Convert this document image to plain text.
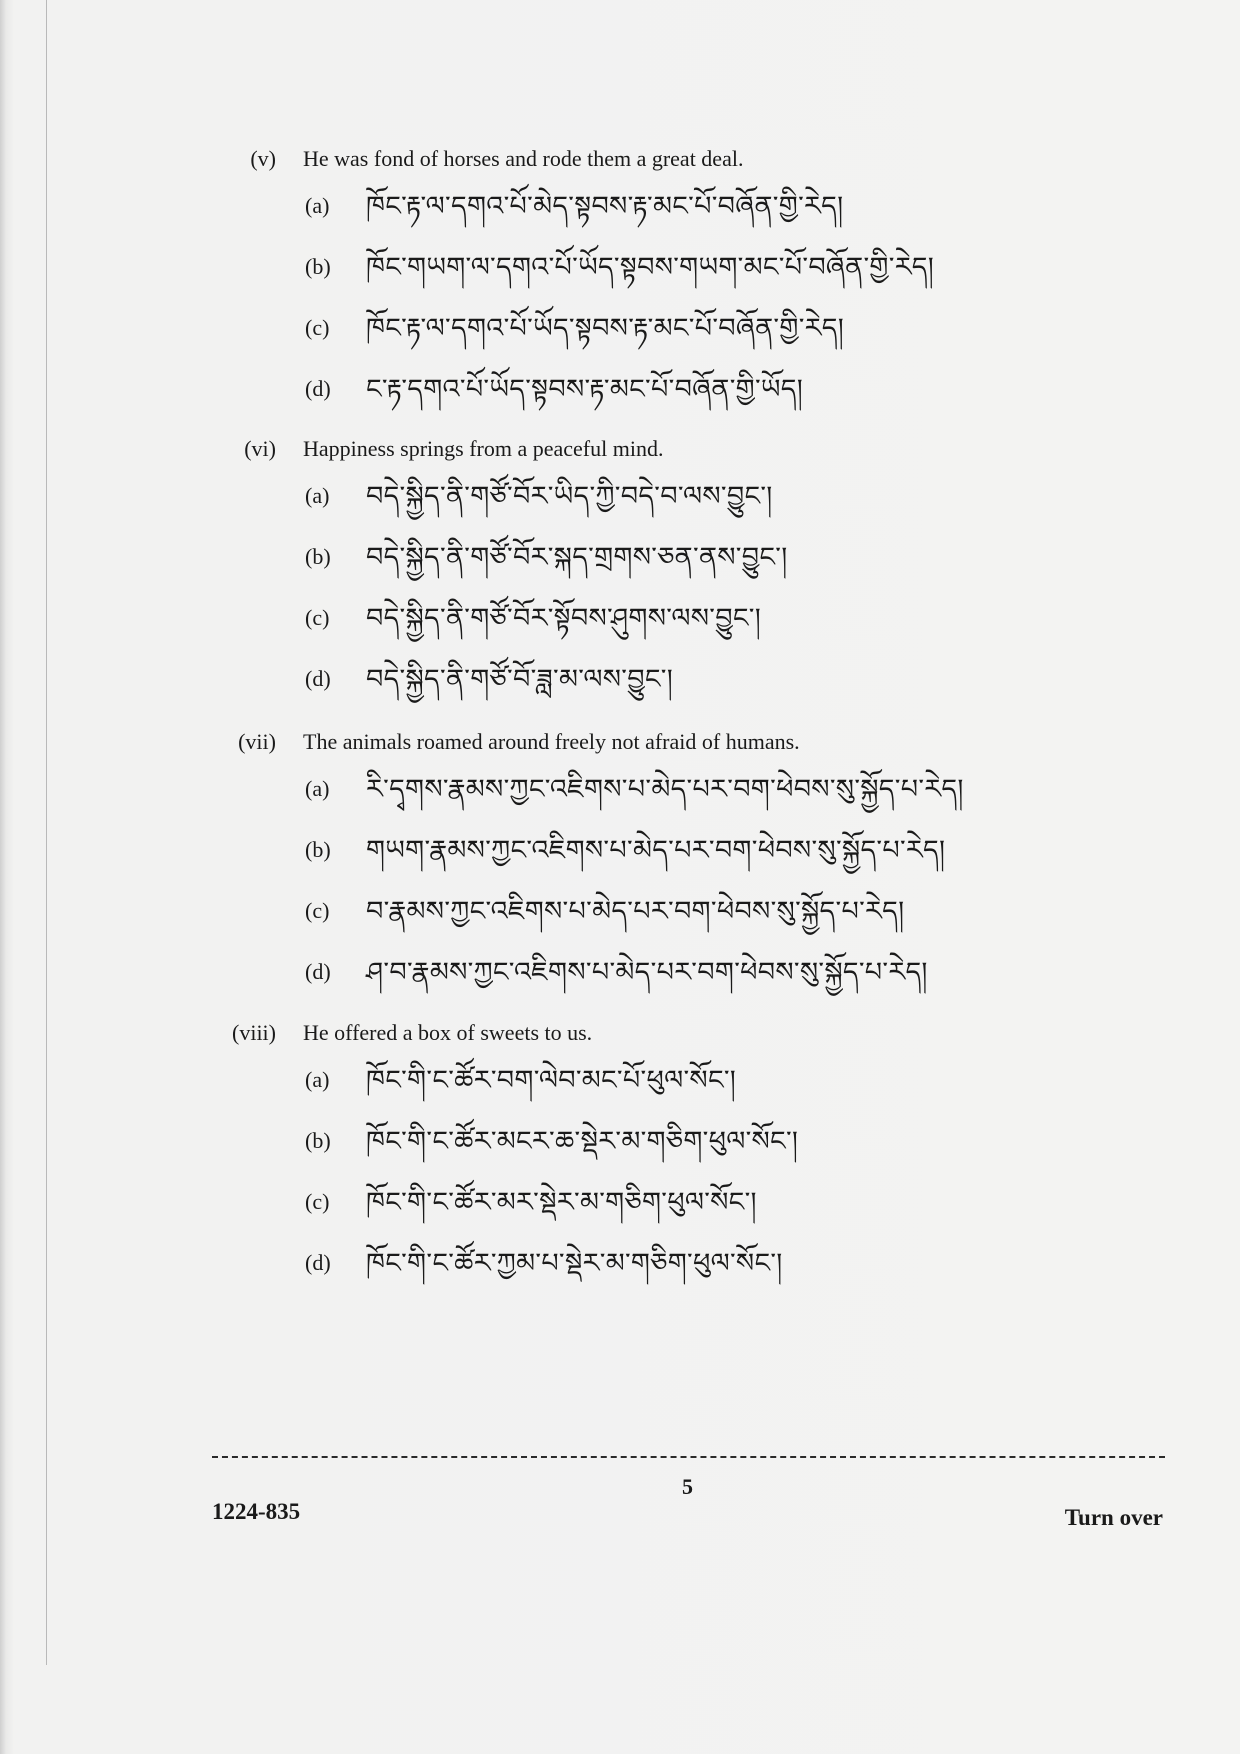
(v) He was fond of horses and rode them a great deal.
(a) ཁོང་རྟ་ལ་དགའ་པོ་མེད་སྟབས་རྟ་མང་པོ་བཞོན་གྱི་རེད།
(b) ཁོང་གཡག་ལ་དགའ་པོ་ཡོད་སྟབས་གཡག་མང་པོ་བཞོན་གྱི་རེད།
(c) ཁོང་རྟ་ལ་དགའ་པོ་ཡོད་སྟབས་རྟ་མང་པོ་བཞོན་གྱི་རེད།
(d) ང་རྟ་དགའ་པོ་ཡོད་སྟབས་རྟ་མང་པོ་བཞོན་གྱི་ཡོད།
(vi) Happiness springs from a peaceful mind.
(a) བདེ་སྐྱིད་ནི་གཙོ་བོར་ཡིད་ཀྱི་བདེ་བ་ལས་བྱུང་།
(b) བདེ་སྐྱིད་ནི་གཙོ་བོར་སྐད་གྲགས་ཅན་ནས་བྱུང་།
(c) བདེ་སྐྱིད་ནི་གཙོ་བོར་སྟོབས་ཤུགས་ལས་བྱུང་།
(d) བདེ་སྐྱིད་ནི་གཙོ་བོ་ཟླ་མ་ལས་བྱུང་།
(vii) The animals roamed around freely not afraid of humans.
(a) རི་དྭགས་རྣམས་ཀྱང་འཇིགས་པ་མེད་པར་བག་ཕེབས་སུ་སྐྱོད་པ་རེད།
(b) གཡག་རྣམས་ཀྱང་འཇིགས་པ་མེད་པར་བག་ཕེབས་སུ་སྐྱོད་པ་རེད།
(c) བ་རྣམས་ཀྱང་འཇིགས་པ་མེད་པར་བག་ཕེབས་སུ་སྐྱོད་པ་རེད།
(d) ཤ་བ་རྣམས་ཀྱང་འཇིགས་པ་མེད་པར་བག་ཕེབས་སུ་སྐྱོད་པ་རེད།
(viii) He offered a box of sweets to us.
(a) ཁོང་གི་ང་ཚོར་བག་ལེབ་མང་པོ་ཕུལ་སོང་།
(b) ཁོང་གི་ང་ཚོར་མངར་ཆ་སྡེར་མ་གཅིག་ཕུལ་སོང་།
(c) ཁོང་གི་ང་ཚོར་མར་སྡེར་མ་གཅིག་ཕུལ་སོང་།
(d) ཁོང་གི་ང་ཚོར་ཀྱམ་པ་སྡེར་མ་གཅིག་ཕུལ་སོང་།
5
1224-835	Turn over
